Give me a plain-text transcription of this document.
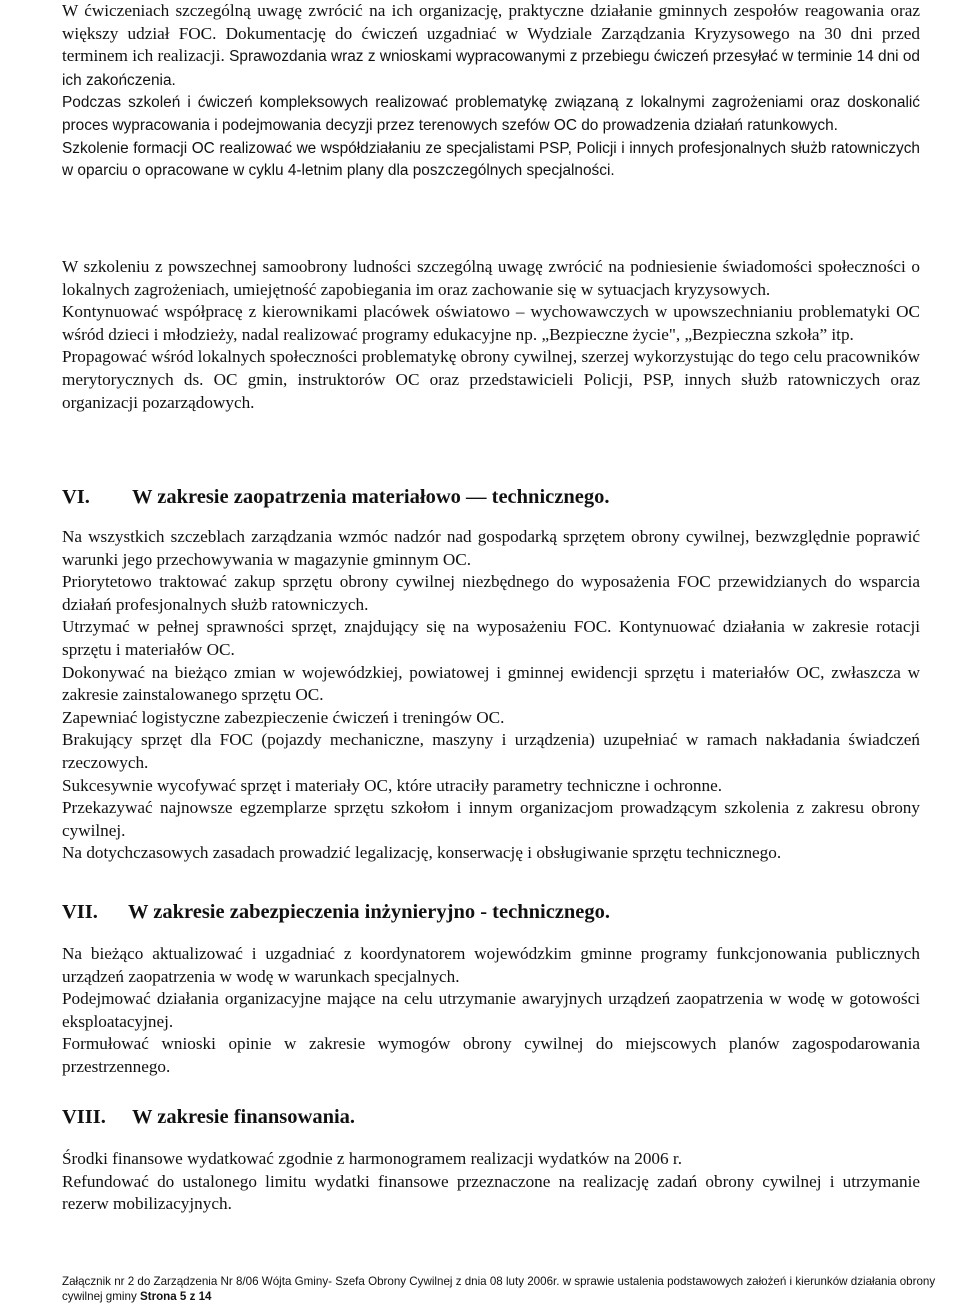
W ćwiczeniach szczególną uwagę zwrócić na ich organizację, praktyczne działanie gminnych zespołów reagowania oraz większy udział FOC. Dokumentację do ćwiczeń uzgadniać w Wydziale Zarządzania Kryzysowego na 30 dni przed terminem ich realizacji. Sprawozdania wraz z wnioskami wypracowanymi z przebiegu ćwiczeń przesyłać w terminie 14 dni od ich zakończenia.

Podczas szkoleń i ćwiczeń kompleksowych realizować problematykę związaną z lokalnymi zagrożeniami oraz doskonalić proces wypracowania i podejmowania decyzji przez terenowych szefów OC do prowadzenia działań ratunkowych.

Szkolenie formacji OC realizować we współdziałaniu ze specjalistami PSP, Policji i innych profesjonalnych służb ratowniczych w oparciu o opracowane w cyklu 4-letnim plany dla poszczególnych specjalności.

W szkoleniu z powszechnej samoobrony ludności szczególną uwagę zwrócić na podniesienie świadomości społeczności o lokalnych zagrożeniach, umiejętność zapobiegania im oraz zachowanie się w sytuacjach kryzysowych.

Kontynuować współpracę z kierownikami placówek oświatowo – wychowawczych w upowszechnianiu problematyki OC wśród dzieci i młodzieży, nadal realizować programy edukacyjne np. „Bezpieczne życie", „Bezpieczna szkoła” itp.

Propagować wśród lokalnych społeczności problematykę obrony cywilnej, szerzej wykorzystując do tego celu pracowników merytorycznych ds. OC gmin, instruktorów OC oraz przedstawicieli Policji, PSP, innych służb ratowniczych oraz organizacji pozarządowych.

VI. W zakresie zaopatrzenia materiałowo — technicznego.

Na wszystkich szczeblach zarządzania wzmóc nadzór nad gospodarką sprzętem obrony cywilnej, bezwzględnie poprawić warunki jego przechowywania w magazynie gminnym OC.

Priorytetowo traktować zakup sprzętu obrony cywilnej niezbędnego do wyposażenia FOC przewidzianych do wsparcia działań profesjonalnych służb ratowniczych.

Utrzymać w pełnej sprawności sprzęt, znajdujący się na wyposażeniu FOC. Kontynuować działania w zakresie rotacji sprzętu i materiałów OC.

Dokonywać na bieżąco zmian w wojewódzkiej, powiatowej i gminnej ewidencji sprzętu i materiałów OC, zwłaszcza w zakresie zainstalowanego sprzętu OC.

Zapewniać logistyczne zabezpieczenie ćwiczeń i treningów OC.

Brakujący sprzęt dla FOC (pojazdy mechaniczne, maszyny i urządzenia) uzupełniać w ramach nakładania świadczeń rzeczowych.

Sukcesywnie wycofywać sprzęt i materiały OC, które utraciły parametry techniczne i ochronne.

Przekazywać najnowsze egzemplarze sprzętu szkołom i innym organizacjom prowadzącym szkolenia z zakresu obrony cywilnej.

Na dotychczasowych zasadach prowadzić legalizację, konserwację i obsługiwanie sprzętu technicznego.

VII. W zakresie zabezpieczenia inżynieryjno - technicznego.

Na bieżąco aktualizować i uzgadniać z koordynatorem wojewódzkim gminne programy funkcjonowania publicznych urządzeń zaopatrzenia w wodę w warunkach specjalnych.

Podejmować działania organizacyjne mające na celu utrzymanie awaryjnych urządzeń zaopatrzenia w wodę w gotowości eksploatacyjnej.

Formułować wnioski opinie w zakresie wymogów obrony cywilnej do miejscowych planów zagospodarowania przestrzennego.

VIII. W zakresie finansowania.

Środki finansowe wydatkować zgodnie z harmonogramem realizacji wydatków na 2006 r.

Refundować do ustalonego limitu wydatki finansowe przeznaczone na realizację zadań obrony cywilnej i utrzymanie rezerw mobilizacyjnych.

Załącznik nr 2 do Zarządzenia Nr 8/06 Wójta Gminy- Szefa Obrony Cywilnej z dnia 08 luty 2006r. w sprawie ustalenia podstawowych założeń i kierunków działania obrony cywilnej gminy Strona 5 z 14
